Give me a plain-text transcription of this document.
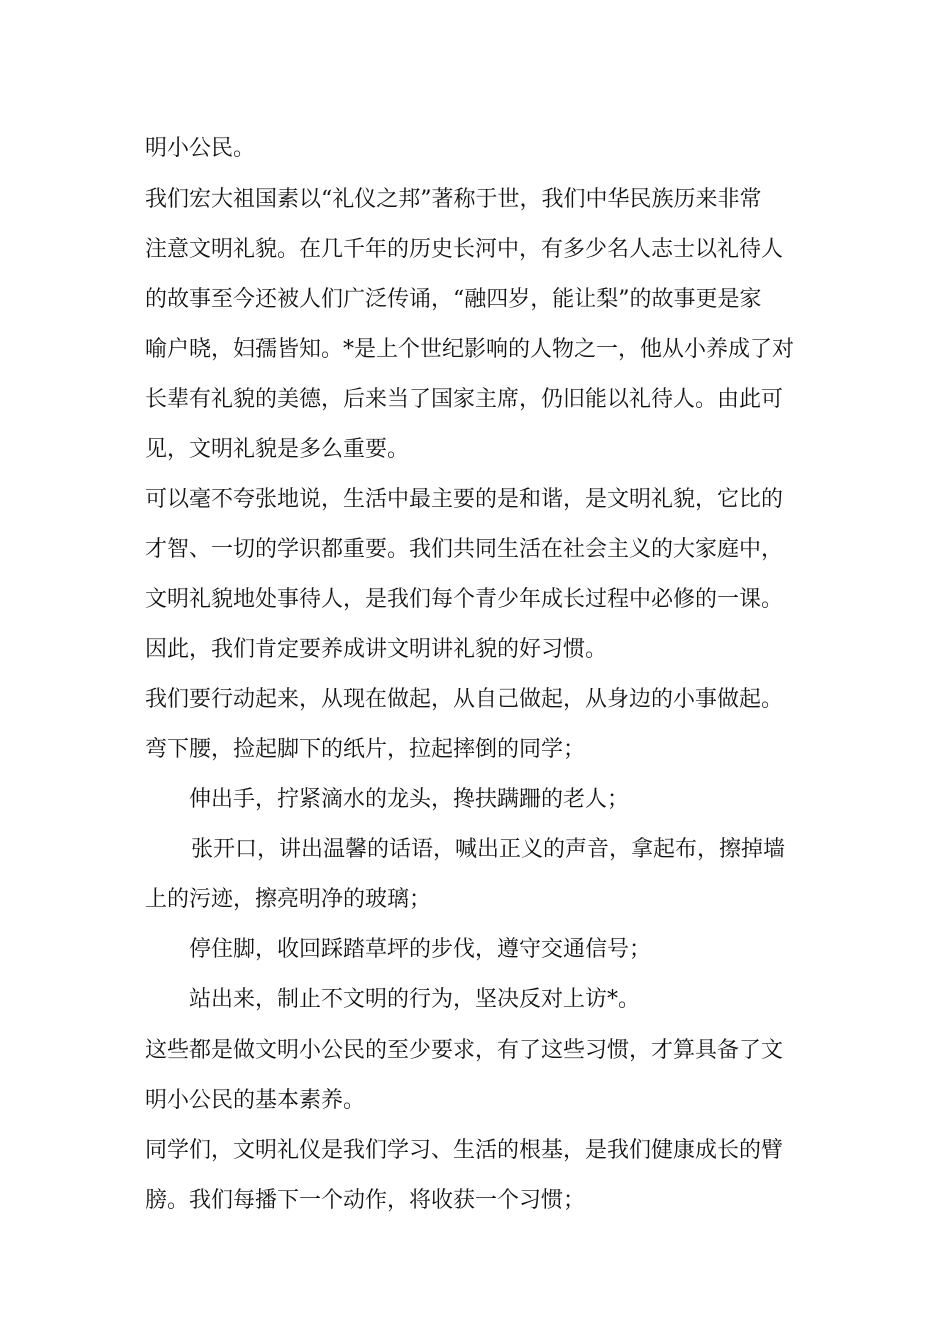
明小公民。
我们宏大祖国素以“礼仪之邦”著称于世，我们中华民族历来非常
注意文明礼貌。在几千年的历史长河中，有多少名人志士以礼待人
的故事至今还被人们广泛传诵，“融四岁，能让梨”的故事更是家
喻户晓，妇孺皆知。*是上个世纪影响的人物之一，他从小养成了对
长辈有礼貌的美德，后来当了国家主席，仍旧能以礼待人。由此可
见，文明礼貌是多么重要。
可以毫不夸张地说，生活中最主要的是和谐，是文明礼貌，它比的
才智、一切的学识都重要。我们共同生活在社会主义的大家庭中，
文明礼貌地处事待人，是我们每个青少年成长过程中必修的一课。
因此，我们肯定要养成讲文明讲礼貌的好习惯。
我们要行动起来，从现在做起，从自己做起，从身边的小事做起。
弯下腰，捡起脚下的纸片，拉起摔倒的同学；
伸出手，拧紧滴水的龙头，搀扶蹒跚的老人；
张开口，讲出温馨的话语，喊出正义的声音，拿起布，擦掉墙
上的污迹，擦亮明净的玻璃；
停住脚，收回踩踏草坪的步伐，遵守交通信号；
站出来，制止不文明的行为，坚决反对上访*。
这些都是做文明小公民的至少要求，有了这些习惯，才算具备了文
明小公民的基本素养。
同学们，文明礼仪是我们学习、生活的根基，是我们健康成长的臂
膀。我们每播下一个动作，将收获一个习惯；
